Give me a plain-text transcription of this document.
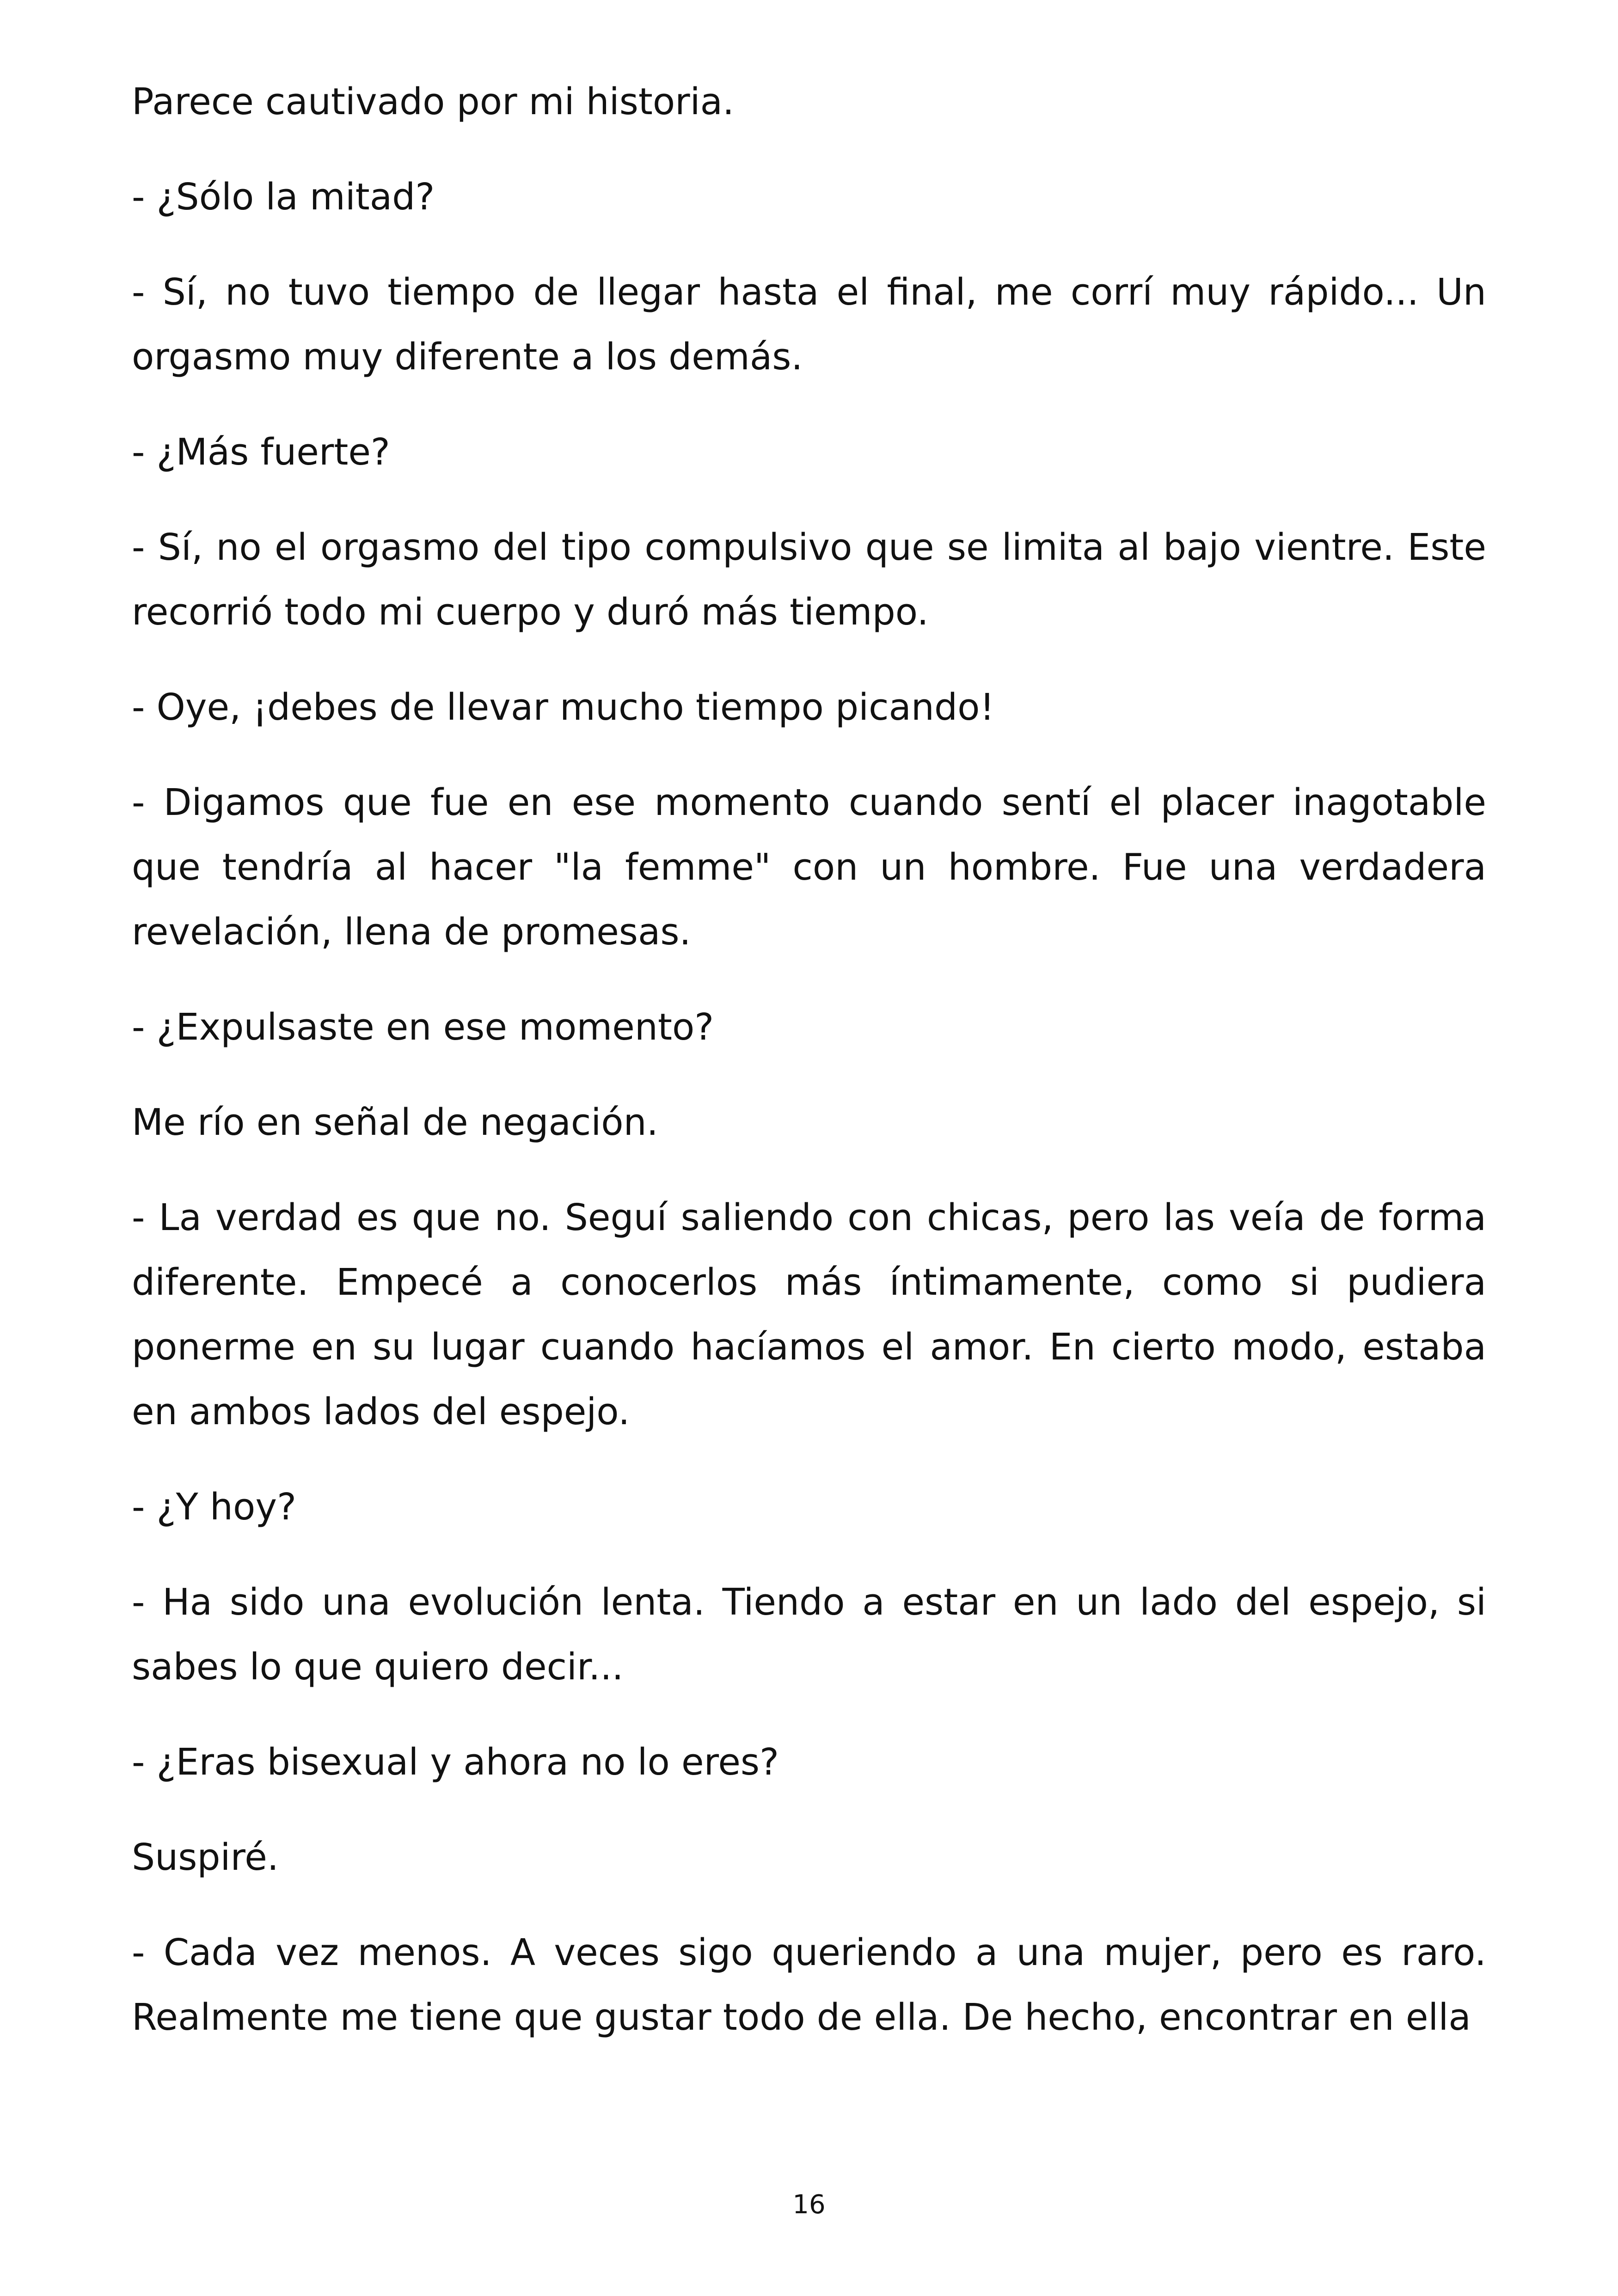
Parece cautivado por mi historia.

- ¿Sólo la mitad?

- Sí, no tuvo tiempo de llegar hasta el final, me corrí muy rápido... Un orgasmo muy diferente a los demás.

- ¿Más fuerte?

- Sí, no el orgasmo del tipo compulsivo que se limita al bajo vientre. Este recorrió todo mi cuerpo y duró más tiempo.

- Oye, ¡debes de llevar mucho tiempo picando!

- Digamos que fue en ese momento cuando sentí el placer inagotable que tendría al hacer "la femme" con un hombre. Fue una verdadera revelación, llena de promesas.

- ¿Expulsaste en ese momento?

Me río en señal de negación.

- La verdad es que no. Seguí saliendo con chicas, pero las veía de forma diferente. Empecé a conocerlos más íntimamente, como si pudiera ponerme en su lugar cuando hacíamos el amor. En cierto modo, estaba en ambos lados del espejo.

- ¿Y hoy?

- Ha sido una evolución lenta. Tiendo a estar en un lado del espejo, si sabes lo que quiero decir...

- ¿Eras bisexual y ahora no lo eres?

Suspiré.

- Cada vez menos. A veces sigo queriendo a una mujer, pero es raro. Realmente me tiene que gustar todo de ella. De hecho, encontrar en ella

16
